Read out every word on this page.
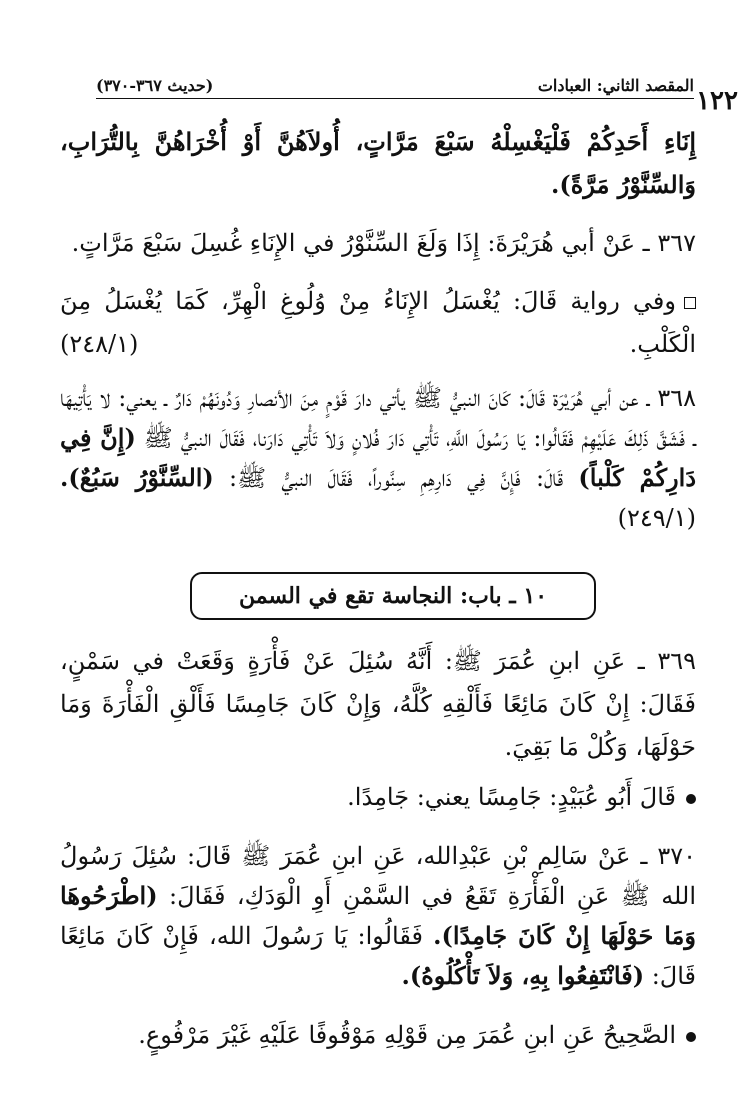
المقصد الثاني: العبادات
(حديث ٣٦٧-٣٧٠)
١٢٢

إِنَاءِ أَحَدِكُمْ فَلْيَغْسِلْهُ سَبْعَ مَرَّاتٍ، أُولاَهُنَّ أَوْ أُخْرَاهُنَّ بِالتُّرَابِ، وَالسِّنَّوْرُ مَرَّةً).

٣٦٧ ـ عَنْ أبي هُرَيْرَةَ: إِذَا وَلَغَ السِّنَّوْرُ في الإِنَاءِ غُسِلَ سَبْعَ مَرَّاتٍ.

وفي رواية قَالَ: يُغْسَلُ الإِنَاءُ مِنْ وُلُوغِ الْهِرِّ، كَمَا يُغْسَلُ مِنَ الْكَلْبِ.
(٢٤٨/١)

٣٦٨ ـ عن أبي هُرَيْرَة قَالَ: كَانَ النبيُّ ﷺ يأتي دارَ قَوْمٍ مِنَ الأنصارِ وَدُونَهُمْ دَارٌ ـ يعني: لا يَأْتِيهَا ـ فَشَقَّ ذَلِكَ عَلَيْهِمْ فَقَالُوا: يَا رَسُولَ اللَّهِ، تَأْتِي دَارَ فُلانٍ وَلاَ تَأْتِي دَارَنا، فَقَالَ النبيُّ ﷺ (إِنَّ فِي دَارِكُمْ كَلْباً) قَالَ: فَإِنَّ فِي دَارِهِمِ سِنَّوراً، فَقَالَ النبيُّ ﷺ: (السِّنَّوْرُ سَبُعٌ). (٢٤٩/١)

١٠ ـ باب: النجاسة تقع في السمن

٣٦٩ ـ عَنِ ابنِ عُمَرَ ﷺ: أَنَّهُ سُئِلَ عَنْ فَأْرَةٍ وَقَعَتْ في سَمْنٍ، فَقَالَ: إِنْ كَانَ مَائِعًا فَأَلْقِهِ كُلَّهُ، وَإِنْ كَانَ جَامِسًا فَأَلْقِ الْفَأْرَةَ وَمَا حَوْلَهَا، وَكُلْ مَا بَقِيَ.

قَالَ أَبُو عُبَيْدٍ: جَامِسًا يعني: جَامِدًا.

٣٧٠ ـ عَنْ سَالِمِ بْنِ عَبْدِالله، عَنِ ابنِ عُمَرَ ﷺ قَالَ: سُئِلَ رَسُولُ الله ﷺ عَنِ الْفَأْرَةِ تَقَعُ في السَّمْنِ أَوِ الْوَدَكِ، فَقَالَ: (اطْرَحُوهَا وَمَا حَوْلَهَا إِنْ كَانَ جَامِدًا). فَقَالُوا: يَا رَسُولَ الله، فَإِنْ كَانَ مَائِعًا قَالَ: (فَانْتَفِعُوا بِهِ، وَلاَ تَأْكُلُوهُ).

الصَّحِيحُ عَنِ ابنِ عُمَرَ مِن قَوْلِهِ مَوْقُوفًا عَلَيْهِ غَيْرَ مَرْفُوعٍ.
